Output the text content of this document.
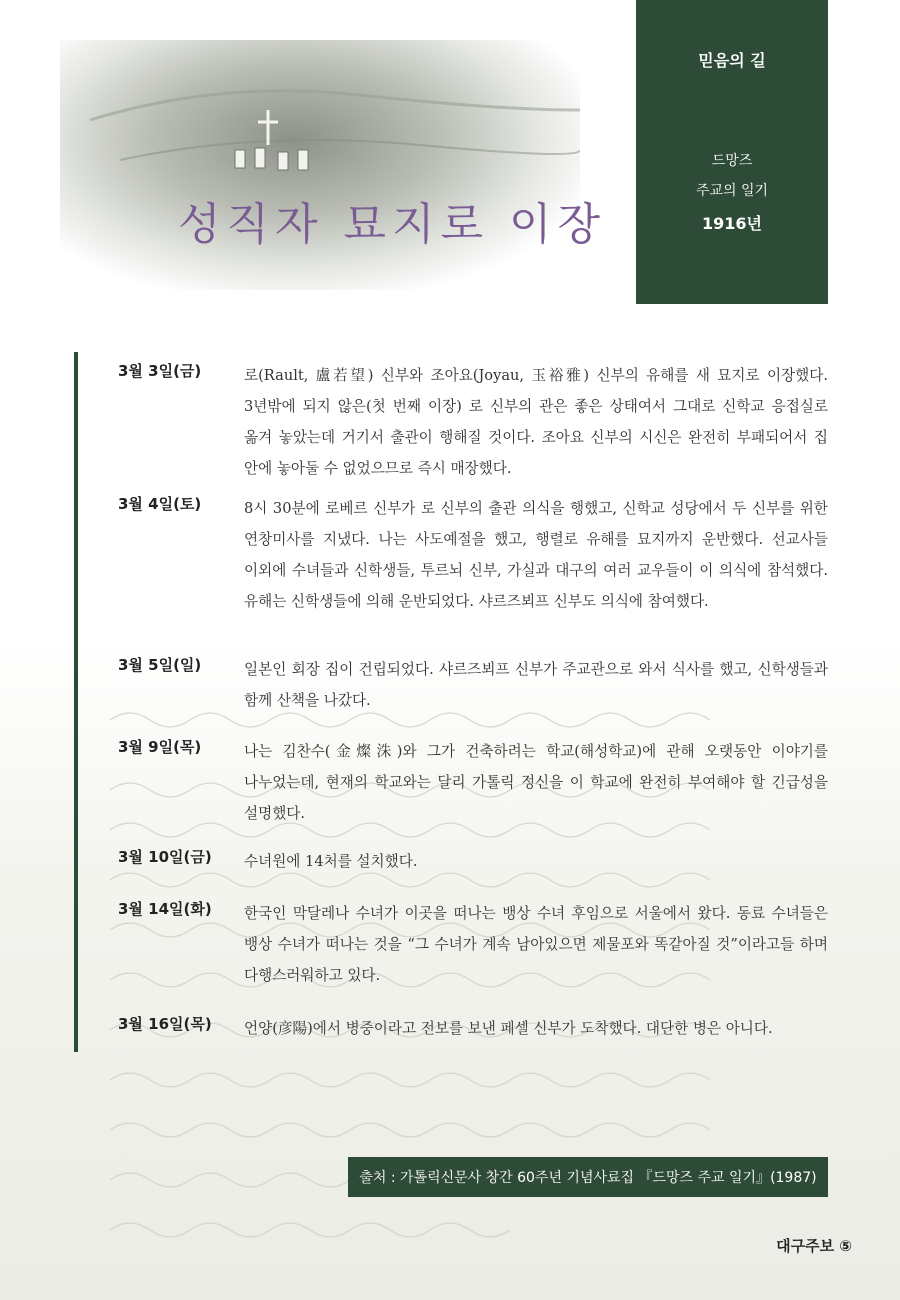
성직자 묘지로 이장
믿음의 길
드망즈
주교의 일기
1916년
3월 3일(금)	로(Rault, 盧若望) 신부와 조아요(Joyau, 玉裕雅) 신부의 유해를 새 묘지로 이장했다. 3년밖에 되지 않은(첫 번째 이장) 로 신부의 관은 좋은 상태여서 그대로 신학교 응접실로 옮겨 놓았는데 거기서 출관이 행해질 것이다. 조아요 신부의 시신은 완전히 부패되어서 집 안에 놓아둘 수 없었으므로 즉시 매장했다.
3월 4일(토)	8시 30분에 로베르 신부가 로 신부의 출관 의식을 행했고, 신학교 성당에서 두 신부를 위한 연창미사를 지냈다. 나는 사도예절을 했고, 행렬로 유해를 묘지까지 운반했다. 선교사들 이외에 수녀들과 신학생들, 투르뇌 신부, 가실과 대구의 여러 교우들이 이 의식에 참석했다. 유해는 신학생들에 의해 운반되었다. 샤르즈뵈프 신부도 의식에 참여했다.
3월 5일(일)	일본인 회장 집이 건립되었다. 샤르즈뵈프 신부가 주교관으로 와서 식사를 했고, 신학생들과 함께 산책을 나갔다.
3월 9일(목)	나는 김찬수(金燦洙)와 그가 건축하려는 학교(해성학교)에 관해 오랫동안 이야기를 나누었는데, 현재의 학교와는 달리 가톨릭 정신을 이 학교에 완전히 부여해야 할 긴급성을 설명했다.
3월 10일(금)	수녀원에 14처를 설치했다.
3월 14일(화)	한국인 막달레나 수녀가 이곳을 떠나는 뱅상 수녀 후임으로 서울에서 왔다. 동료 수녀들은 뱅상 수녀가 떠나는 것을 “그 수녀가 계속 남아있으면 제물포와 똑같아질 것”이라고들 하며 다행스러워하고 있다.
3월 16일(목)	언양(彦陽)에서 병중이라고 전보를 보낸 페셀 신부가 도착했다. 대단한 병은 아니다.
출처 : 가톨릭신문사 창간 60주년 기념사료집 『드망즈 주교 일기』(1987)
대구주보 ⑤
